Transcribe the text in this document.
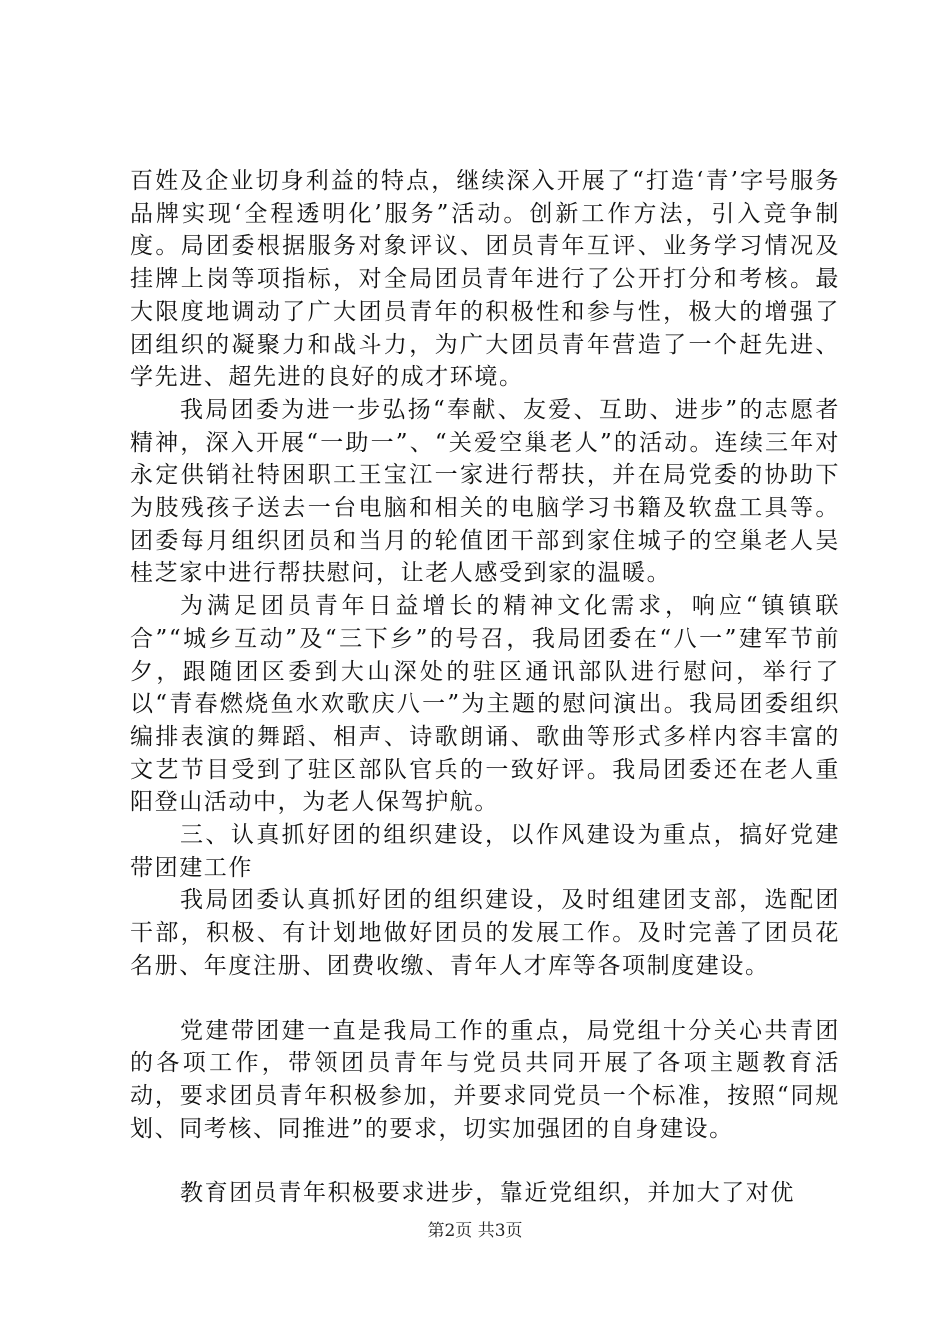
百姓及企业切身利益的特点，继续深入开展了“打造‘青’字号服务品牌实现‘全程透明化’服务”活动。创新工作方法，引入竞争制度。局团委根据服务对象评议、团员青年互评、业务学习情况及挂牌上岗等项指标，对全局团员青年进行了公开打分和考核。最大限度地调动了广大团员青年的积极性和参与性，极大的增强了团组织的凝聚力和战斗力，为广大团员青年营造了一个赶先进、学先进、超先进的良好的成才环境。

我局团委为进一步弘扬“奉献、友爱、互助、进步”的志愿者精神，深入开展“一助一”、“关爱空巢老人”的活动。连续三年对永定供销社特困职工王宝江一家进行帮扶，并在局党委的协助下为肢残孩子送去一台电脑和相关的电脑学习书籍及软盘工具等。团委每月组织团员和当月的轮值团干部到家住城子的空巢老人吴桂芝家中进行帮扶慰问，让老人感受到家的温暖。

为满足团员青年日益增长的精神文化需求，响应“镇镇联合”“城乡互动”及“三下乡”的号召，我局团委在“八一”建军节前夕，跟随团区委到大山深处的驻区通讯部队进行慰问，举行了以“青春燃烧鱼水欢歌庆八一”为主题的慰问演出。我局团委组织编排表演的舞蹈、相声、诗歌朗诵、歌曲等形式多样内容丰富的文艺节目受到了驻区部队官兵的一致好评。我局团委还在老人重阳登山活动中，为老人保驾护航。

三、认真抓好团的组织建设，以作风建设为重点，搞好党建带团建工作

我局团委认真抓好团的组织建设，及时组建团支部，选配团干部，积极、有计划地做好团员的发展工作。及时完善了团员花名册、年度注册、团费收缴、青年人才库等各项制度建设。

党建带团建一直是我局工作的重点，局党组十分关心共青团的各项工作，带领团员青年与党员共同开展了各项主题教育活动，要求团员青年积极参加，并要求同党员一个标准，按照“同规划、同考核、同推进”的要求，切实加强团的自身建设。

教育团员青年积极要求进步，靠近党组织，并加大了对优

第2页 共3页
